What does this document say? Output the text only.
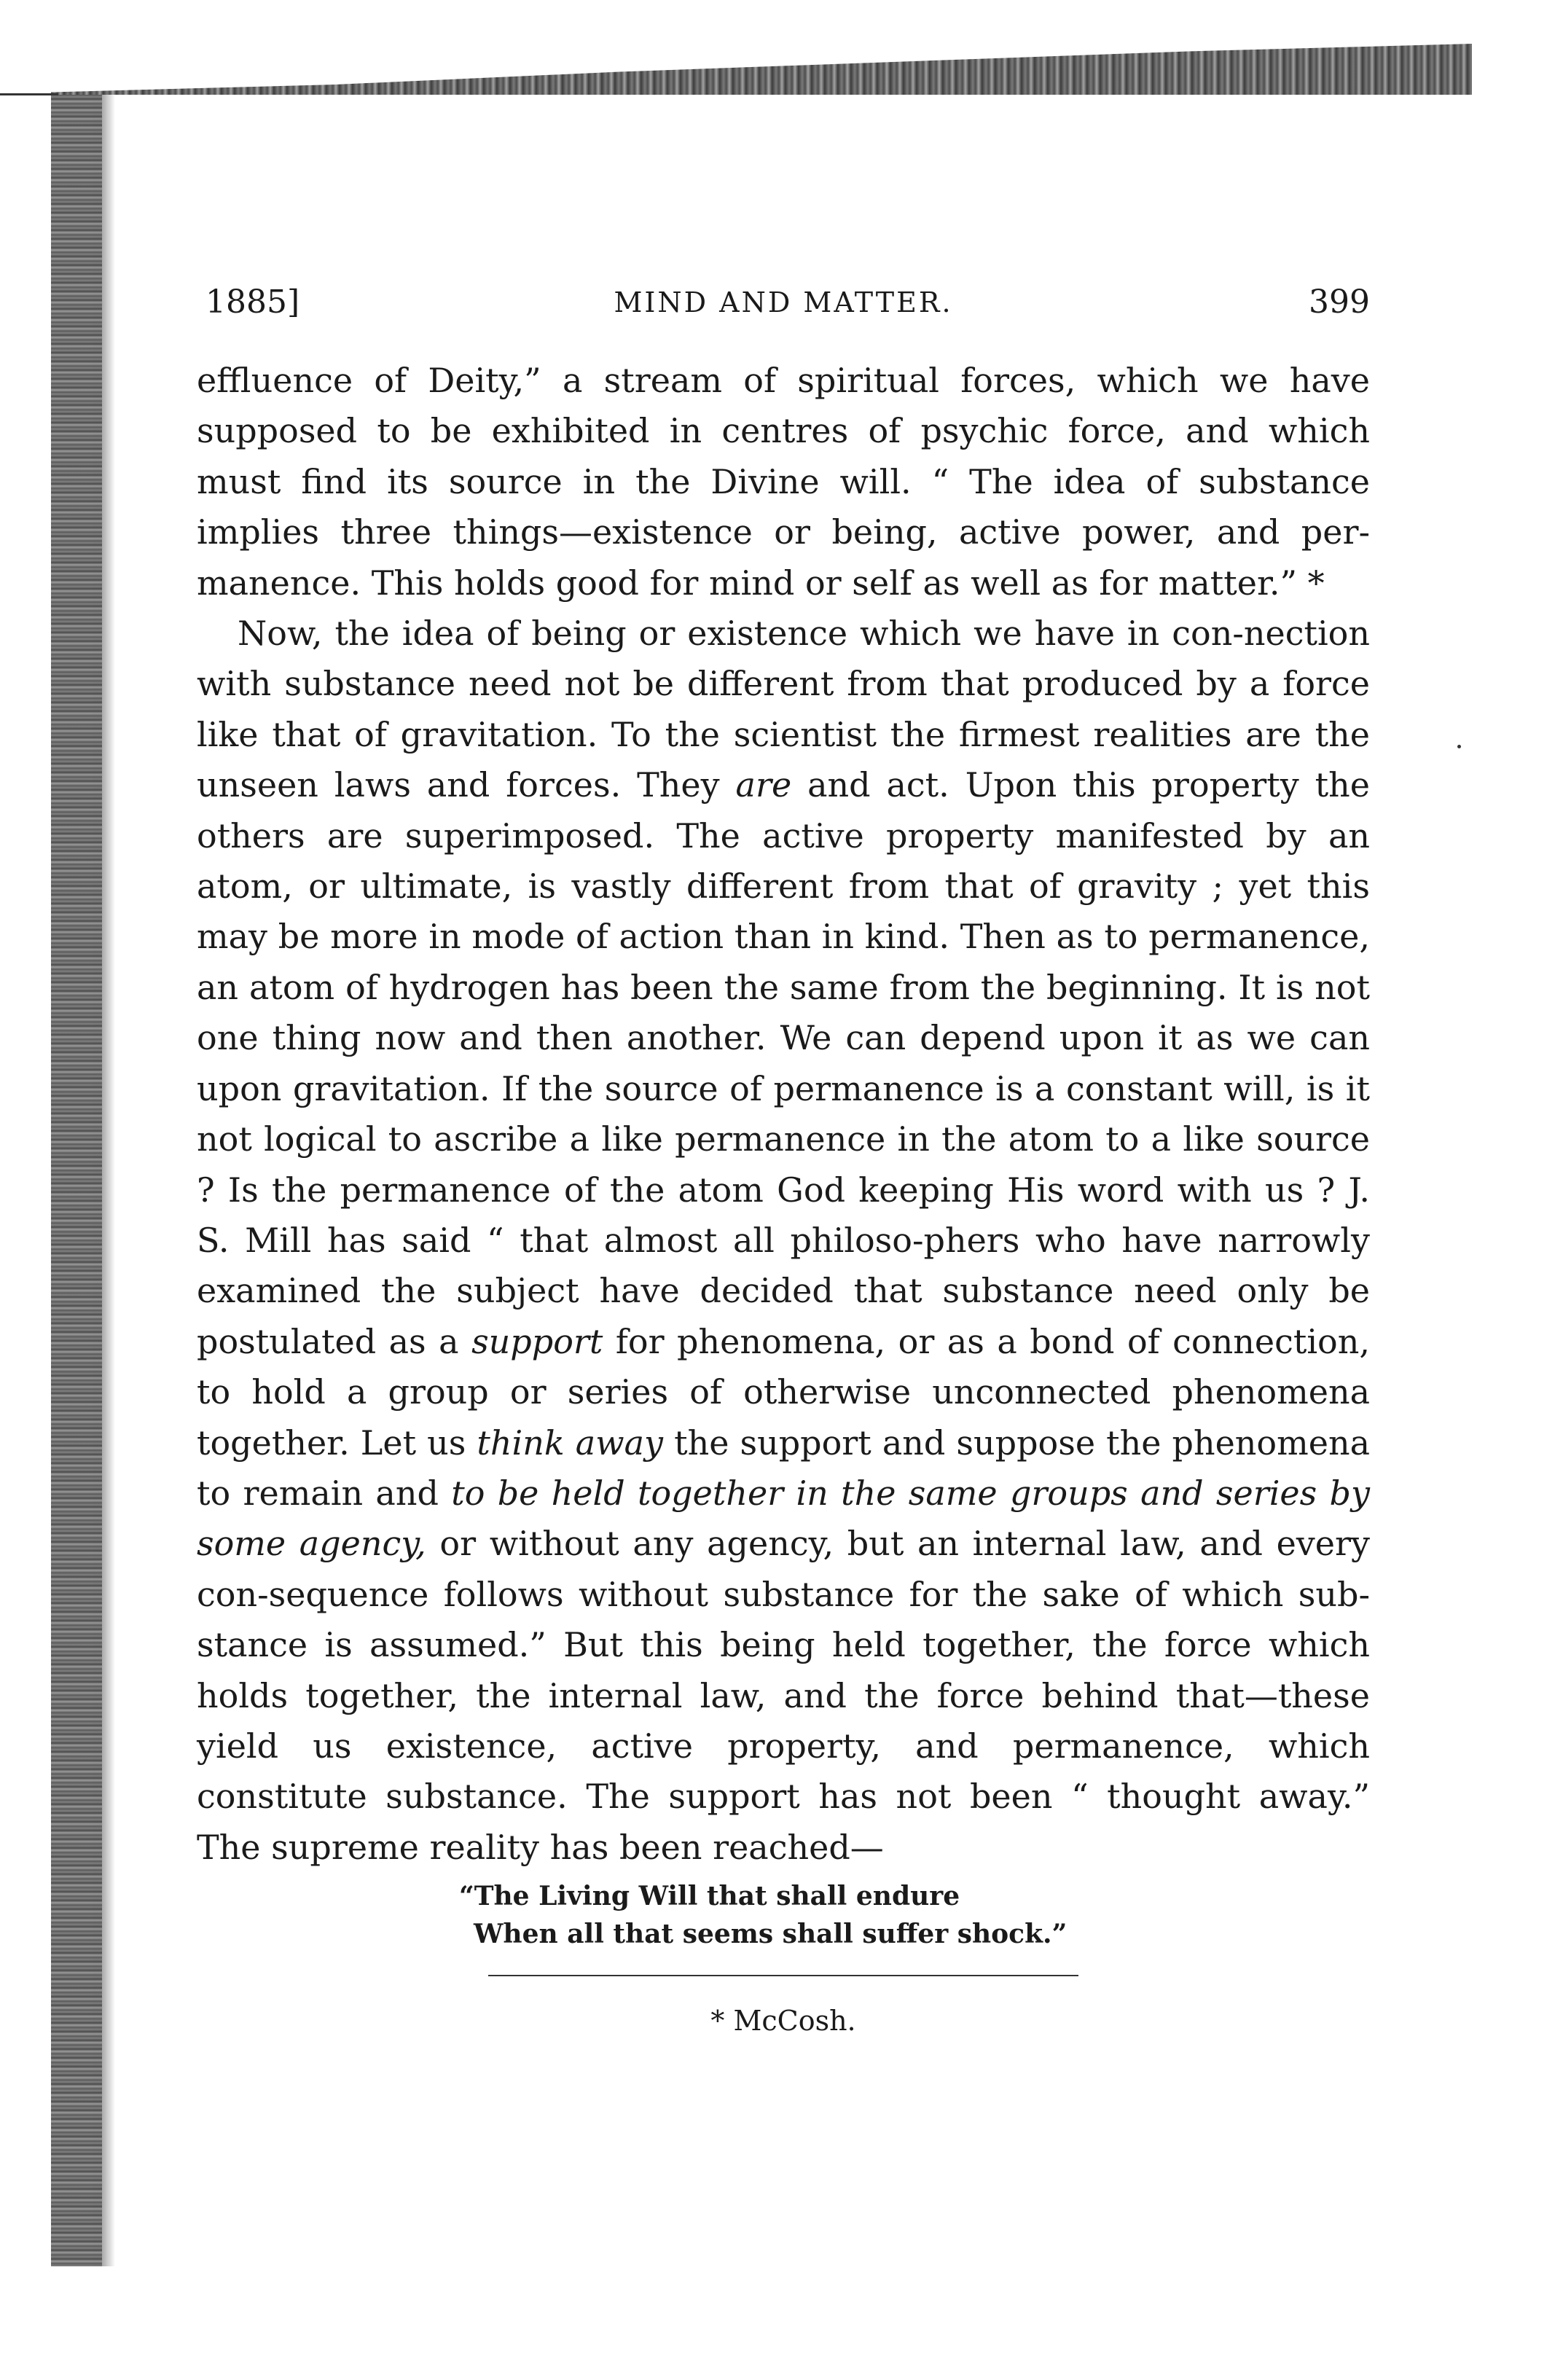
1885]	MIND AND MATTER.	399

effluence of Deity,” a stream of spiritual forces, which we have supposed to be exhibited in centres of psychic force, and which must find its source in the Divine will. “ The idea of substance implies three things—existence or being, active power, and per-manence. This holds good for mind or self as well as for matter.” *

Now, the idea of being or existence which we have in con-nection with substance need not be different from that produced by a force like that of gravitation. To the scientist the firmest realities are the unseen laws and forces. They are and act. Upon this property the others are superimposed. The active property manifested by an atom, or ultimate, is vastly different from that of gravity ; yet this may be more in mode of action than in kind. Then as to permanence, an atom of hydrogen has been the same from the beginning. It is not one thing now and then another. We can depend upon it as we can upon gravitation. If the source of permanence is a constant will, is it not logical to ascribe a like permanence in the atom to a like source ? Is the permanence of the atom God keeping His word with us ? J. S. Mill has said “ that almost all philoso-phers who have narrowly examined the subject have decided that substance need only be postulated as a support for phenomena, or as a bond of connection, to hold a group or series of otherwise unconnected phenomena together. Let us think away the support and suppose the phenomena to remain and to be held together in the same groups and series by some agency, or without any agency, but an internal law, and every con-sequence follows without substance for the sake of which sub-stance is assumed.” But this being held together, the force which holds together, the internal law, and the force behind that—these yield us existence, active property, and permanence, which constitute substance. The support has not been “ thought away.” The supreme reality has been reached—

“The Living Will that shall endure
When all that seems shall suffer shock.”
* McCosh.
